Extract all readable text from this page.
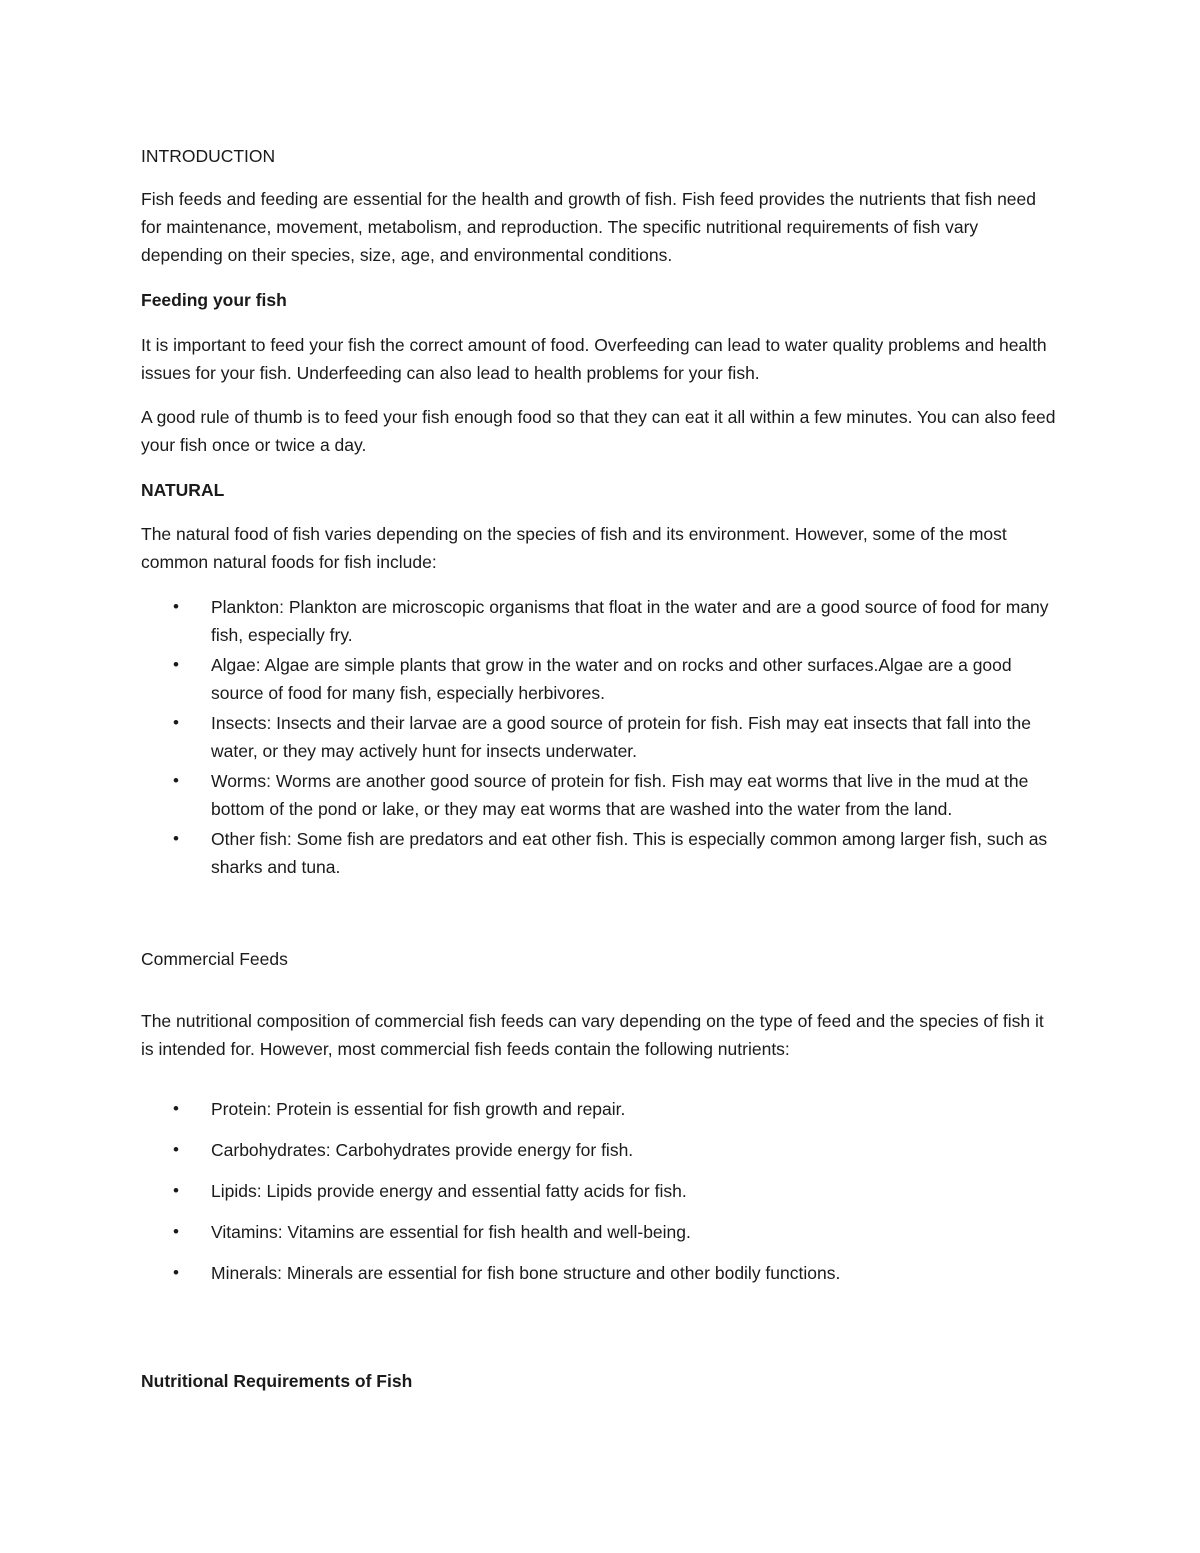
INTRODUCTION

Fish feeds and feeding are essential for the health and growth of fish. Fish feed provides the nutrients that fish need for maintenance, movement, metabolism, and reproduction. The specific nutritional requirements of fish vary depending on their species, size, age, and environmental conditions.

Feeding your fish

It is important to feed your fish the correct amount of food. Overfeeding can lead to water quality problems and health issues for your fish. Underfeeding can also lead to health problems for your fish.

A good rule of thumb is to feed your fish enough food so that they can eat it all within a few minutes. You can also feed your fish once or twice a day.

NATURAL

The natural food of fish varies depending on the species of fish and its environment. However, some of the most common natural foods for fish include:

• Plankton: Plankton are microscopic organisms that float in the water and are a good source of food for many fish, especially fry.
• Algae: Algae are simple plants that grow in the water and on rocks and other surfaces.Algae are a good source of food for many fish, especially herbivores.
• Insects: Insects and their larvae are a good source of protein for fish. Fish may eat insects that fall into the water, or they may actively hunt for insects underwater.
• Worms: Worms are another good source of protein for fish. Fish may eat worms that live in the mud at the bottom of the pond or lake, or they may eat worms that are washed into the water from the land.
• Other fish: Some fish are predators and eat other fish. This is especially common among larger fish, such as sharks and tuna.

Commercial Feeds

The nutritional composition of commercial fish feeds can vary depending on the type of feed and the species of fish it is intended for. However, most commercial fish feeds contain the following nutrients:

• Protein: Protein is essential for fish growth and repair.
• Carbohydrates: Carbohydrates provide energy for fish.
• Lipids: Lipids provide energy and essential fatty acids for fish.
• Vitamins: Vitamins are essential for fish health and well-being.
• Minerals: Minerals are essential for fish bone structure and other bodily functions.

Nutritional Requirements of Fish
